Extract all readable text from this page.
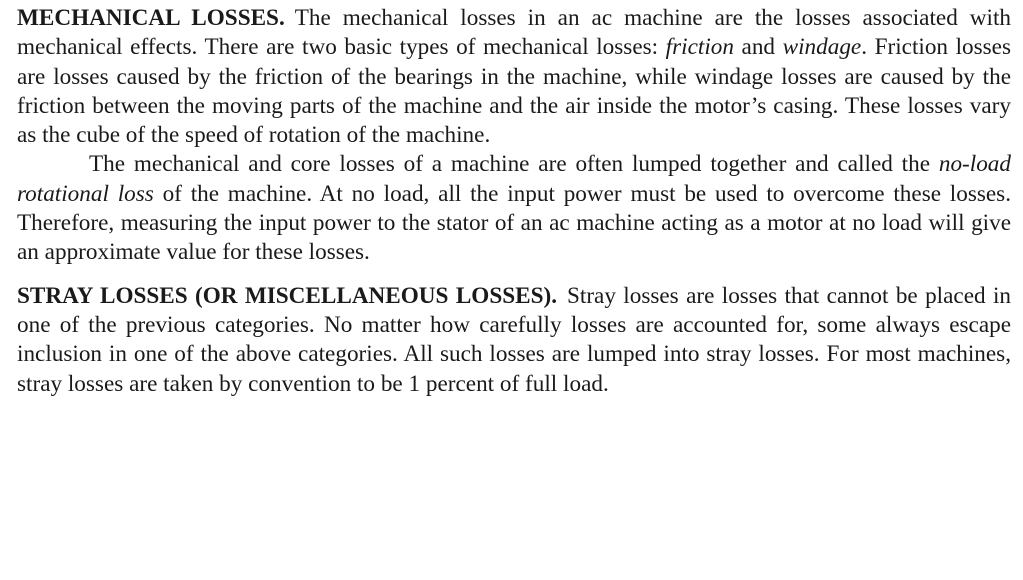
MECHANICAL LOSSES. The mechanical losses in an ac machine are the losses associated with mechanical effects. There are two basic types of mechanical losses: friction and windage. Friction losses are losses caused by the friction of the bearings in the machine, while windage losses are caused by the friction between the moving parts of the machine and the air inside the motor’s casing. These losses vary as the cube of the speed of rotation of the machine.

The mechanical and core losses of a machine are often lumped together and called the no-load rotational loss of the machine. At no load, all the input power must be used to overcome these losses. Therefore, measuring the input power to the stator of an ac machine acting as a motor at no load will give an approximate value for these losses.

STRAY LOSSES (OR MISCELLANEOUS LOSSES). Stray losses are losses that cannot be placed in one of the previous categories. No matter how carefully losses are accounted for, some always escape inclusion in one of the above categories. All such losses are lumped into stray losses. For most machines, stray losses are taken by convention to be 1 percent of full load.
